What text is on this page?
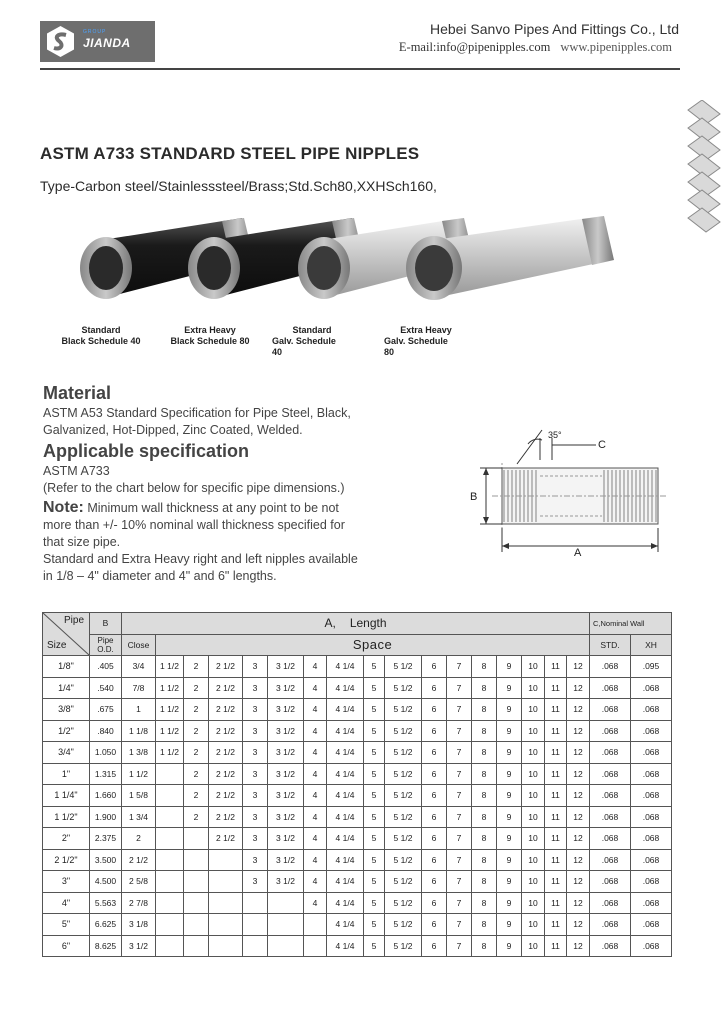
GROUP
JIANDA
Hebei Sanvo Pipes And Fittings Co., Ltd
E-mail:info@pipenipples.com www.pipenipples.com
ASTM A733 STANDARD STEEL PIPE NIPPLES
Type-Carbon steel/Stainlesssteel/Brass;Std.Sch80,XXHSch160,
Standard
Black Schedule 40
Extra Heavy
Black Schedule 80
Standard
Galv. Schedule
40
Extra Heavy
Galv. Schedule
80
Material
ASTM A53 Standard Specification for Pipe Steel, Black,
Galvanized, Hot-Dipped, Zinc Coated, Welded.
Applicable specification
ASTM A733
(Refer to the chart below for specific pipe dimensions.)
Note: Minimum wall thickness at any point to be not
more than +/- 10% nominal wall thickness specified for
that size pipe.
Standard and Extra Heavy right and left nipples available
in 1/8 – 4" diameter and 4" and 6" lengths.
35°
C
B
A
Pipe
Size	B	A, Length																	C,Nominal Wall	

	Pipe
O.D.	Close	Space																STD.	XH
1/8"	.405	3/4	1 1/2	2	2 1/2	3	3 1/2	4	4 1/4	5	5 1/2	6	7	8	9	10	11	12	.068	.095
1/4"	.540	7/8	1 1/2	2	2 1/2	3	3 1/2	4	4 1/4	5	5 1/2	6	7	8	9	10	11	12	.068	.068
3/8"	.675	1	1 1/2	2	2 1/2	3	3 1/2	4	4 1/4	5	5 1/2	6	7	8	9	10	11	12	.068	.068
1/2"	.840	1 1/8	1 1/2	2	2 1/2	3	3 1/2	4	4 1/4	5	5 1/2	6	7	8	9	10	11	12	.068	.068
3/4"	1.050	1 3/8	1 1/2	2	2 1/2	3	3 1/2	4	4 1/4	5	5 1/2	6	7	8	9	10	11	12	.068	.068
1"	1.315	1 1/2		2	2 1/2	3	3 1/2	4	4 1/4	5	5 1/2	6	7	8	9	10	11	12	.068	.068
1 1/4"	1.660	1 5/8		2	2 1/2	3	3 1/2	4	4 1/4	5	5 1/2	6	7	8	9	10	11	12	.068	.068
1 1/2"	1.900	1 3/4		2	2 1/2	3	3 1/2	4	4 1/4	5	5 1/2	6	7	8	9	10	11	12	.068	.068
2"	2.375	2			2 1/2	3	3 1/2	4	4 1/4	5	5 1/2	6	7	8	9	10	11	12	.068	.068
2 1/2"	3.500	2 1/2				3	3 1/2	4	4 1/4	5	5 1/2	6	7	8	9	10	11	12	.068	.068
3"	4.500	2 5/8				3	3 1/2	4	4 1/4	5	5 1/2	6	7	8	9	10	11	12	.068	.068
4"	5.563	2 7/8						4	4 1/4	5	5 1/2	6	7	8	9	10	11	12	.068	.068
5"	6.625	3 1/8							4 1/4	5	5 1/2	6	7	8	9	10	11	12	.068	.068
6"	8.625	3 1/2							4 1/4	5	5 1/2	6	7	8	9	10	11	12	.068	.068
